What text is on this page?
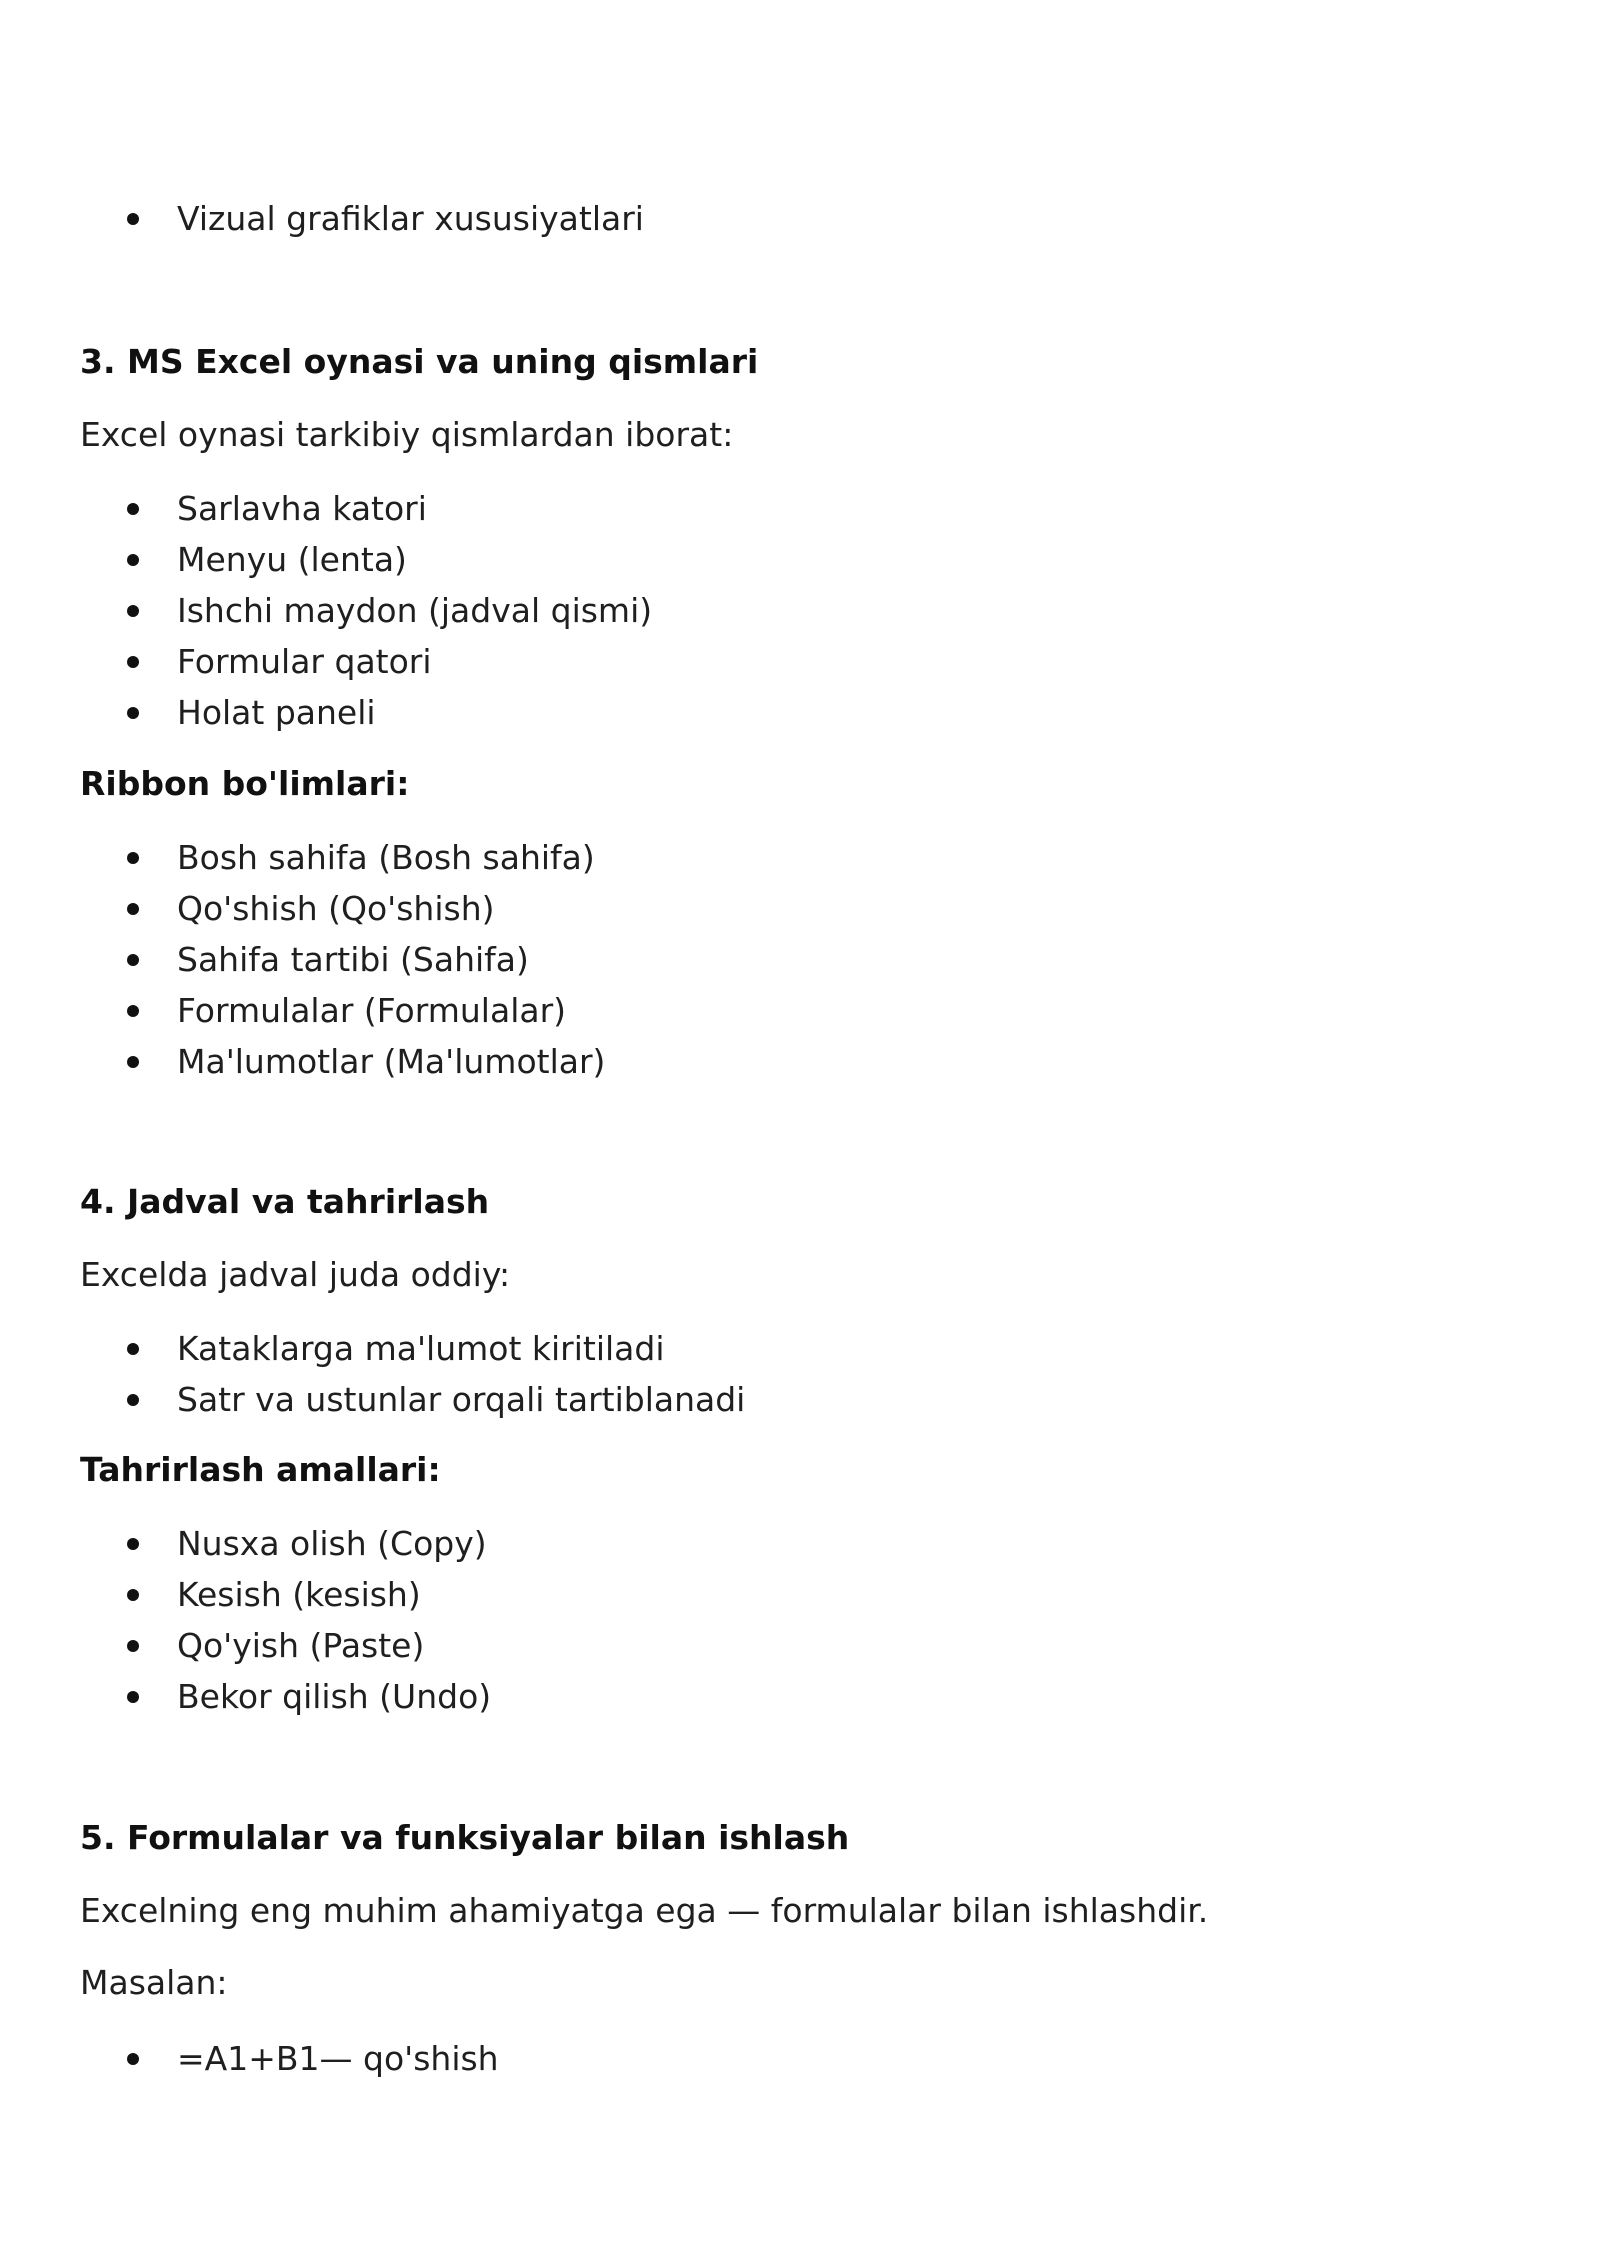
Vizual grafiklar xususiyatlari
3. MS Excel oynasi va uning qismlari

Excel oynasi tarkibiy qismlardan iborat:

Sarlavha katori
Menyu (lenta)
Ishchi maydon (jadval qismi)
Formular qatori
Holat paneli
Ribbon bo'limlari:
Bosh sahifa (Bosh sahifa)
Qo'shish (Qo'shish)
Sahifa tartibi (Sahifa)
Formulalar (Formulalar)
Ma'lumotlar (Ma'lumotlar)
4. Jadval va tahrirlash

Excelda jadval juda oddiy:

Kataklarga ma'lumot kiritiladi
Satr va ustunlar orqali tartiblanadi
Tahrirlash amallari:
Nusxa olish (Copy)
Kesish (kesish)
Qo'yish (Paste)
Bekor qilish (Undo)
5. Formulalar va funksiyalar bilan ishlash

Excelning eng muhim ahamiyatga ega — formulalar bilan ishlashdir.

Masalan:

=A1+B1— qo'shish
